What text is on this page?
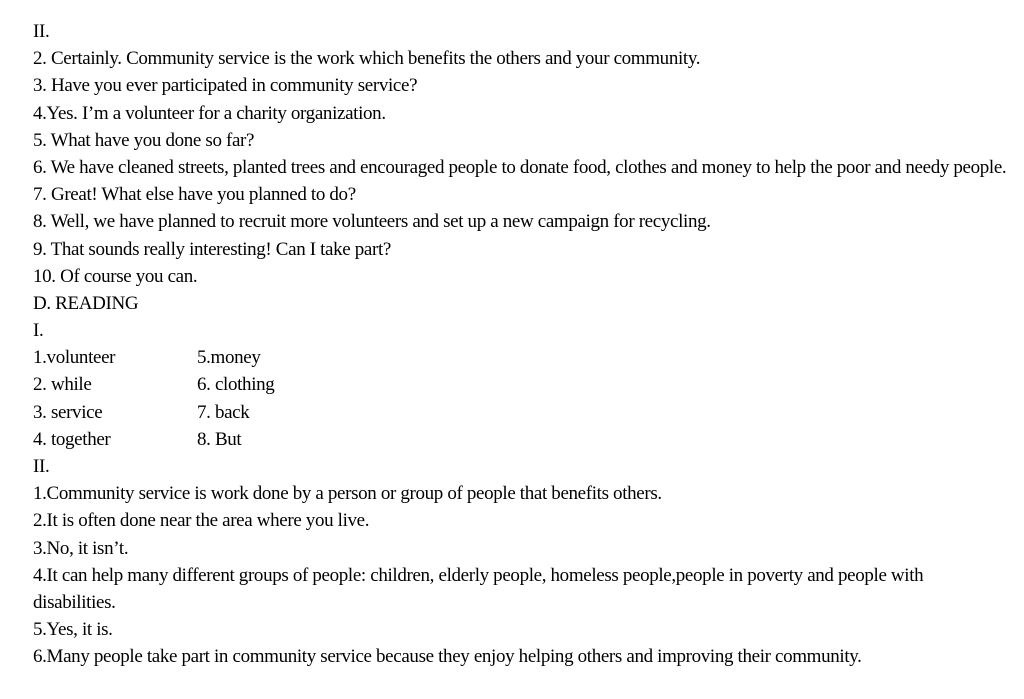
II.
2. Certainly. Community service is the work which benefits the others and your community.
3. Have you ever participated in community service?
4.Yes. I’m a volunteer for a charity organization.
5. What have you done so far?
6. We have cleaned streets, planted trees and encouraged people to donate food, clothes and money to help the poor and needy people.
7. Great! What else have you planned to do?
8. Well, we have planned to recruit more volunteers and set up a new campaign for recycling.
9. That sounds really interesting! Can I take part?
10. Of course you can.
D. READING
I.
1.volunteer	5.money
2. while	6. clothing
3. service	7. back
4. together	8. But
II.
1.Community service is work done by a person or group of people that benefits others.
2.It is often done near the area where you live.
3.No, it isn’t.
4.It can help many different groups of people: children, elderly people, homeless people,people in poverty and people with disabilities.
5.Yes, it is.
6.Many people take part in community service because they enjoy helping others and improving their community.
